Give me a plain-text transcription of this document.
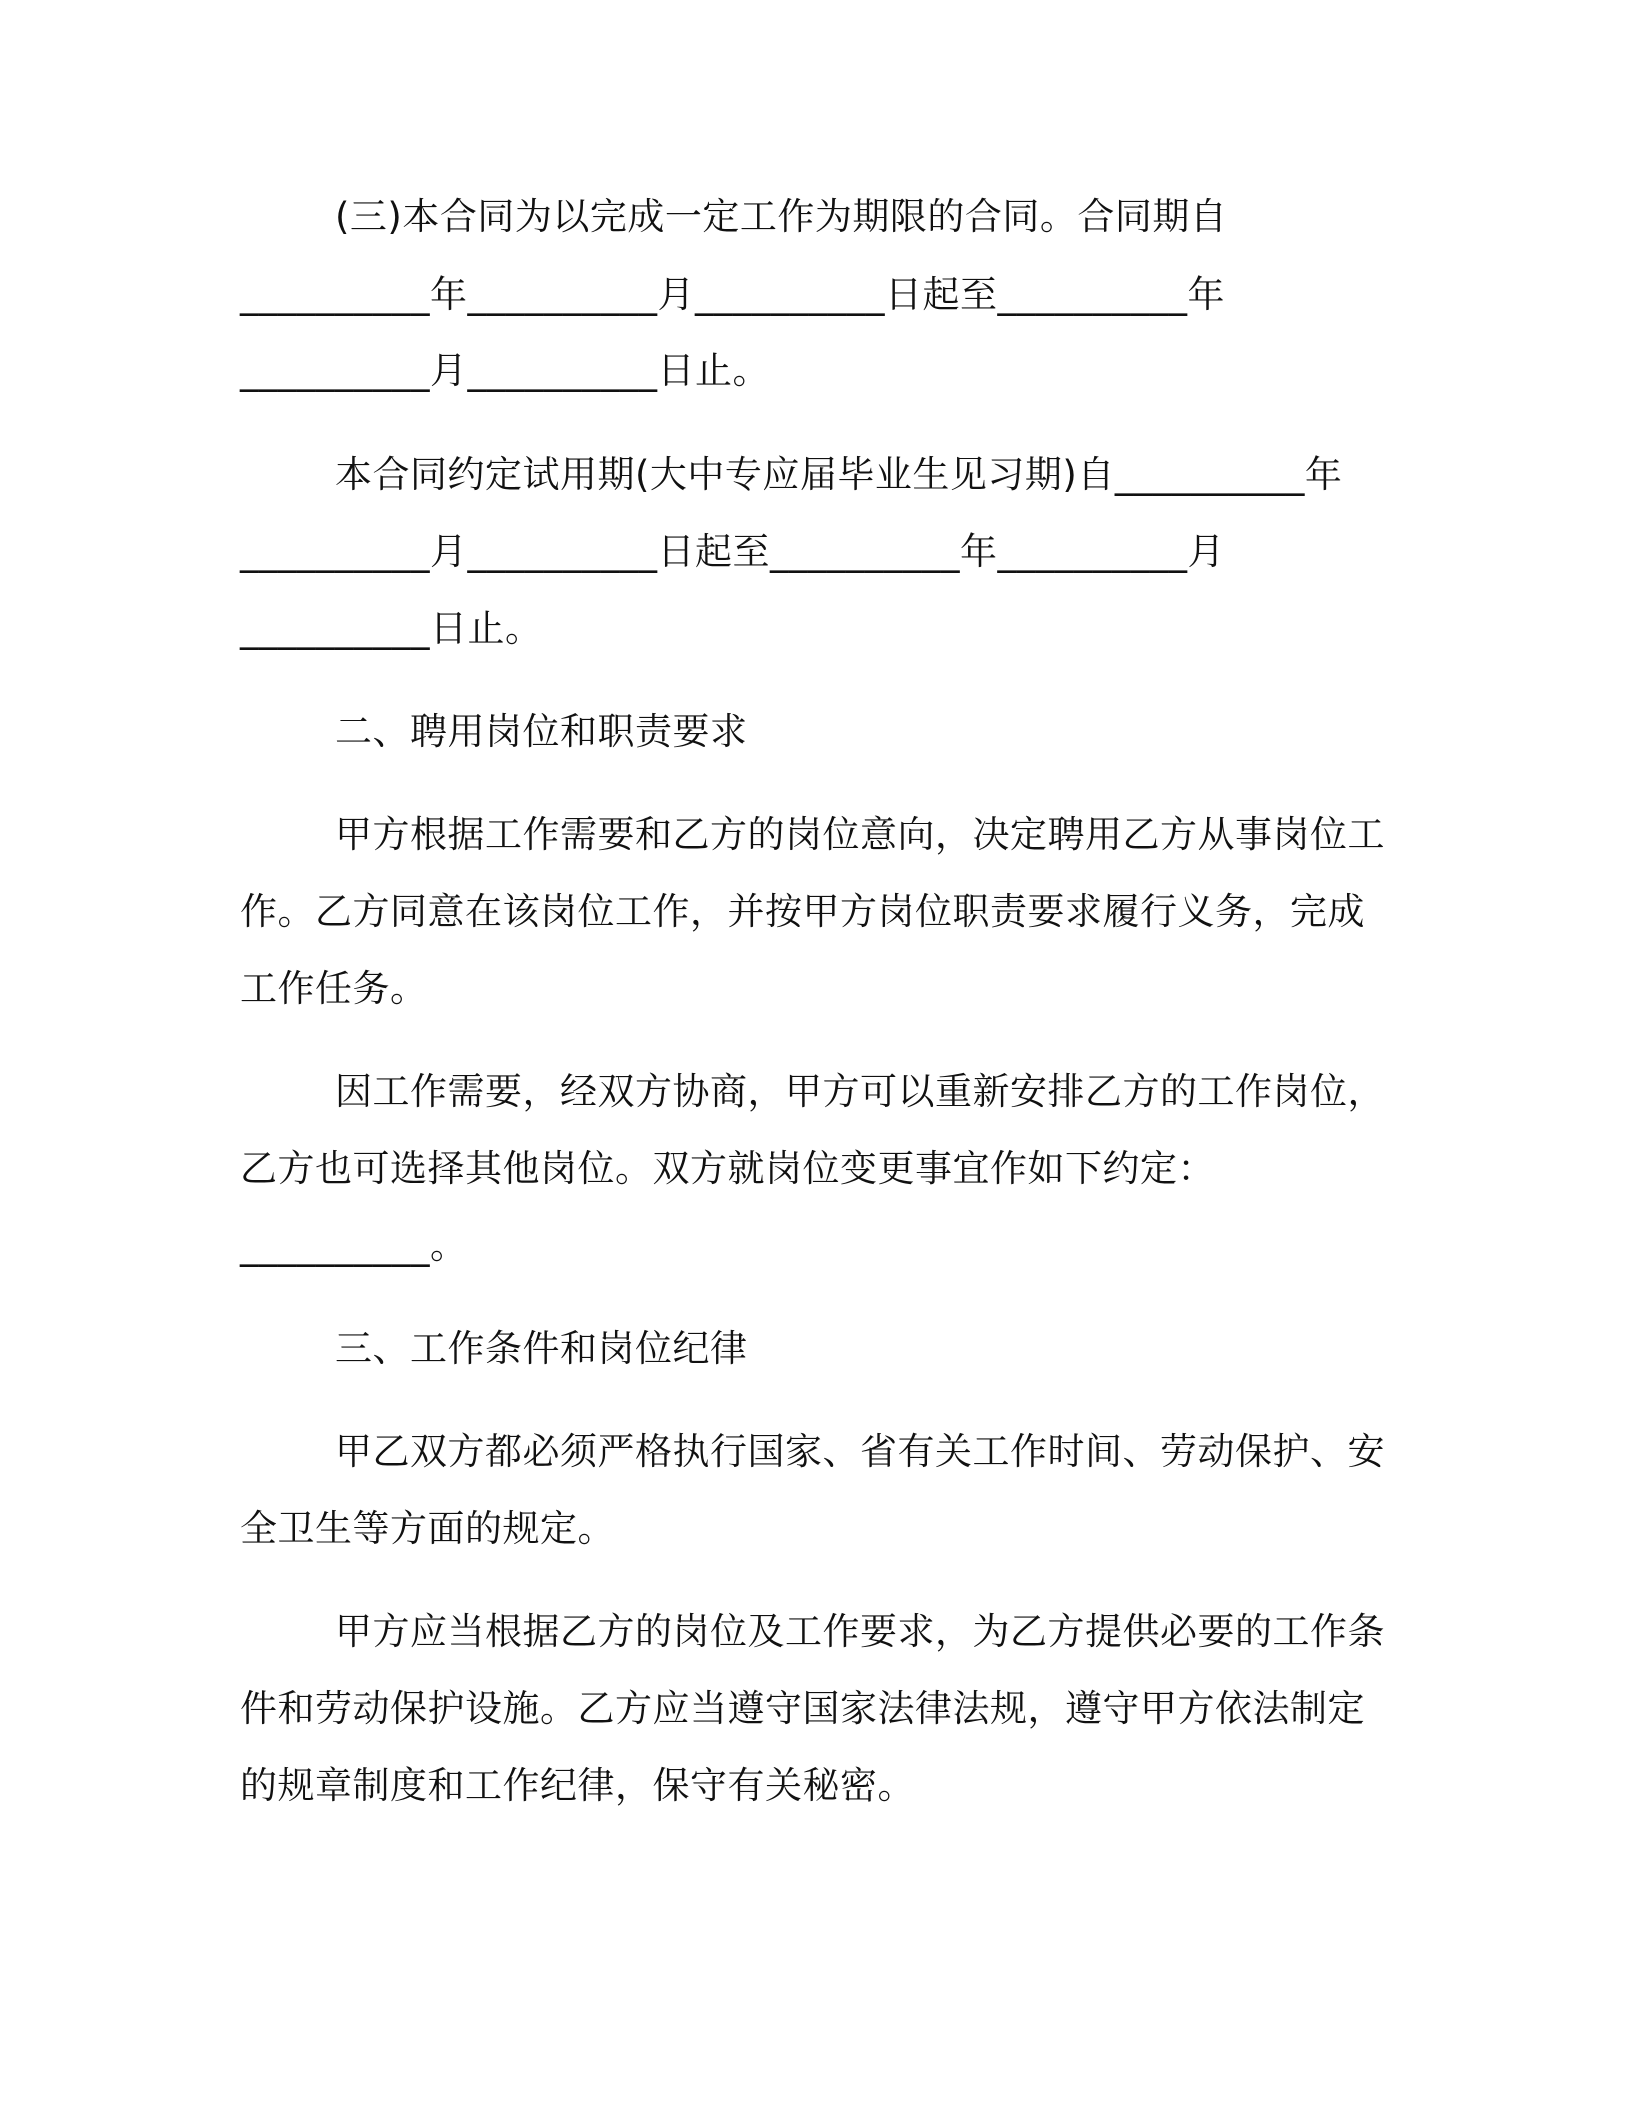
(三)本合同为以完成一定工作为期限的合同。合同期自
__________年__________月__________日起至__________年
__________月__________日止。
本合同约定试用期(大中专应届毕业生见习期)自__________年
__________月__________日起至__________年__________月
__________日止。
二、聘用岗位和职责要求
甲方根据工作需要和乙方的岗位意向，决定聘用乙方从事岗位工
作。乙方同意在该岗位工作，并按甲方岗位职责要求履行义务，完成
工作任务。
因工作需要，经双方协商，甲方可以重新安排乙方的工作岗位，
乙方也可选择其他岗位。双方就岗位变更事宜作如下约定：
__________。
三、工作条件和岗位纪律
甲乙双方都必须严格执行国家、省有关工作时间、劳动保护、安
全卫生等方面的规定。
甲方应当根据乙方的岗位及工作要求，为乙方提供必要的工作条
件和劳动保护设施。乙方应当遵守国家法律法规，遵守甲方依法制定
的规章制度和工作纪律，保守有关秘密。
